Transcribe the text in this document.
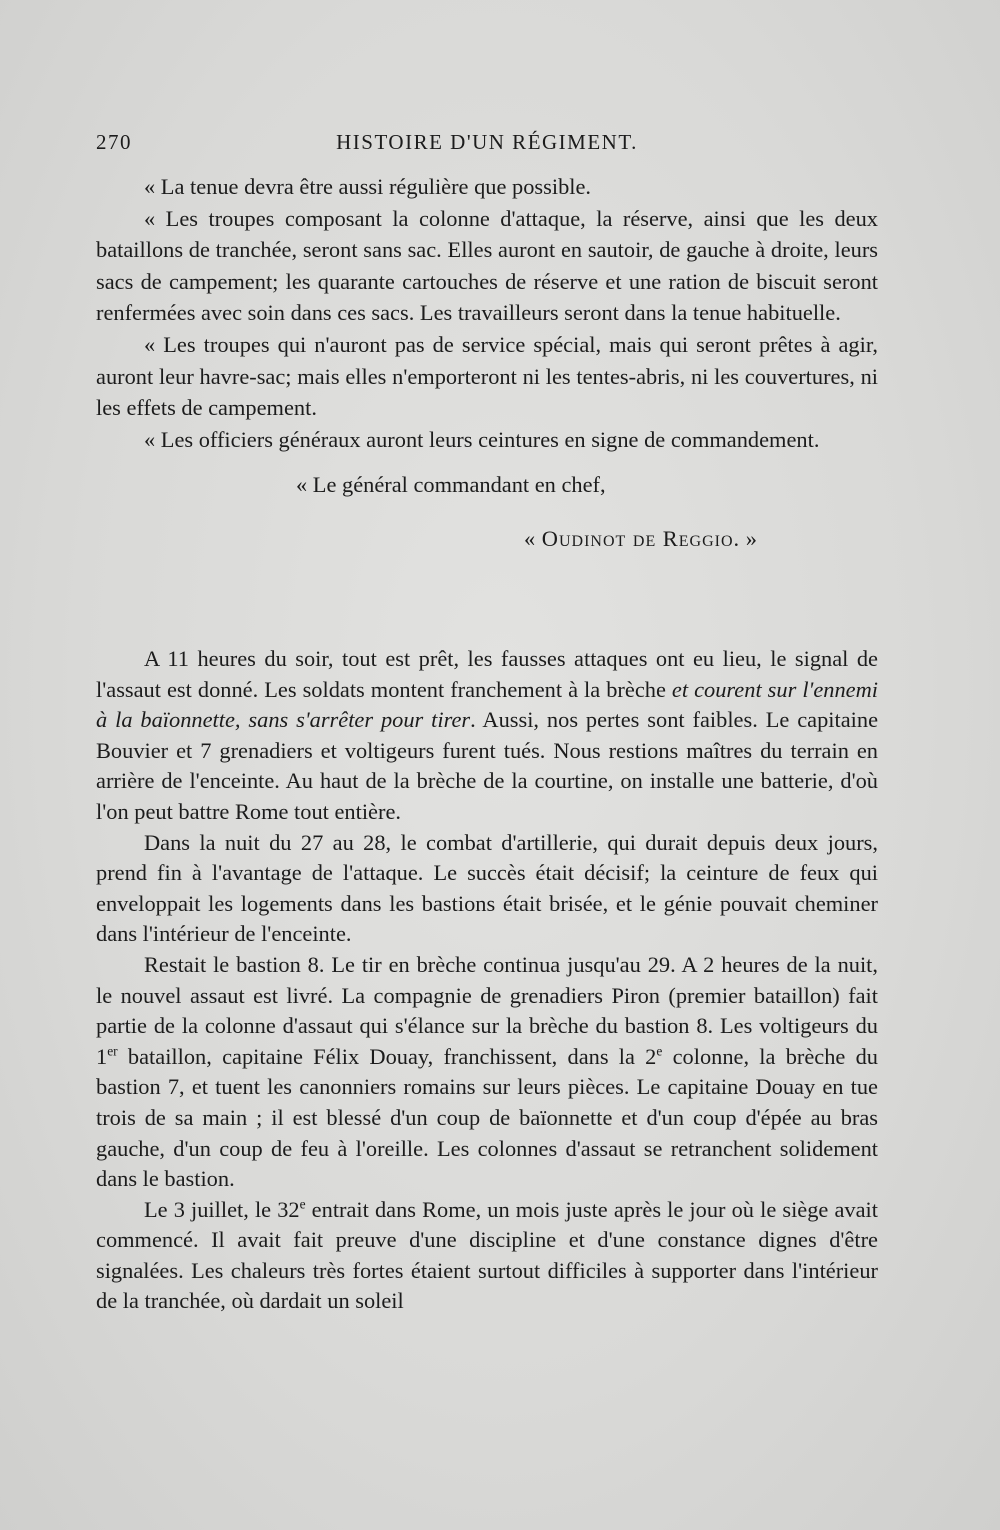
270	HISTOIRE D'UN RÉGIMENT.

« La tenue devra être aussi régulière que possible.

« Les troupes composant la colonne d'attaque, la réserve, ainsi que les deux bataillons de tranchée, seront sans sac. Elles auront en sautoir, de gauche à droite, leurs sacs de campement; les quarante cartouches de réserve et une ration de biscuit seront renfermées avec soin dans ces sacs. Les travailleurs seront dans la tenue habituelle.

« Les troupes qui n'auront pas de service spécial, mais qui seront prêtes à agir, auront leur havre-sac; mais elles n'emporteront ni les tentes-abris, ni les couvertures, ni les effets de campement.

« Les officiers généraux auront leurs ceintures en signe de commandement.

« Le général commandant en chef,

« Oudinot de Reggio. »

A 11 heures du soir, tout est prêt, les fausses attaques ont eu lieu, le signal de l'assaut est donné. Les soldats montent franchement à la brèche et courent sur l'ennemi à la baïonnette, sans s'arrêter pour tirer. Aussi, nos pertes sont faibles. Le capitaine Bouvier et 7 grenadiers et voltigeurs furent tués. Nous restions maîtres du terrain en arrière de l'enceinte. Au haut de la brèche de la courtine, on installe une batterie, d'où l'on peut battre Rome tout entière.

Dans la nuit du 27 au 28, le combat d'artillerie, qui durait depuis deux jours, prend fin à l'avantage de l'attaque. Le succès était décisif; la ceinture de feux qui enveloppait les logements dans les bastions était brisée, et le génie pouvait cheminer dans l'intérieur de l'enceinte.

Restait le bastion 8. Le tir en brèche continua jusqu'au 29. A 2 heures de la nuit, le nouvel assaut est livré. La compagnie de grenadiers Piron (premier bataillon) fait partie de la colonne d'assaut qui s'élance sur la brèche du bastion 8. Les voltigeurs du 1er bataillon, capitaine Félix Douay, franchissent, dans la 2e colonne, la brèche du bastion 7, et tuent les canonniers romains sur leurs pièces. Le capitaine Douay en tue trois de sa main ; il est blessé d'un coup de baïonnette et d'un coup d'épée au bras gauche, d'un coup de feu à l'oreille. Les colonnes d'assaut se retranchent solidement dans le bastion.

Le 3 juillet, le 32e entrait dans Rome, un mois juste après le jour où le siège avait commencé. Il avait fait preuve d'une discipline et d'une constance dignes d'être signalées. Les chaleurs très fortes étaient surtout difficiles à supporter dans l'intérieur de la tranchée, où dardait un soleil
